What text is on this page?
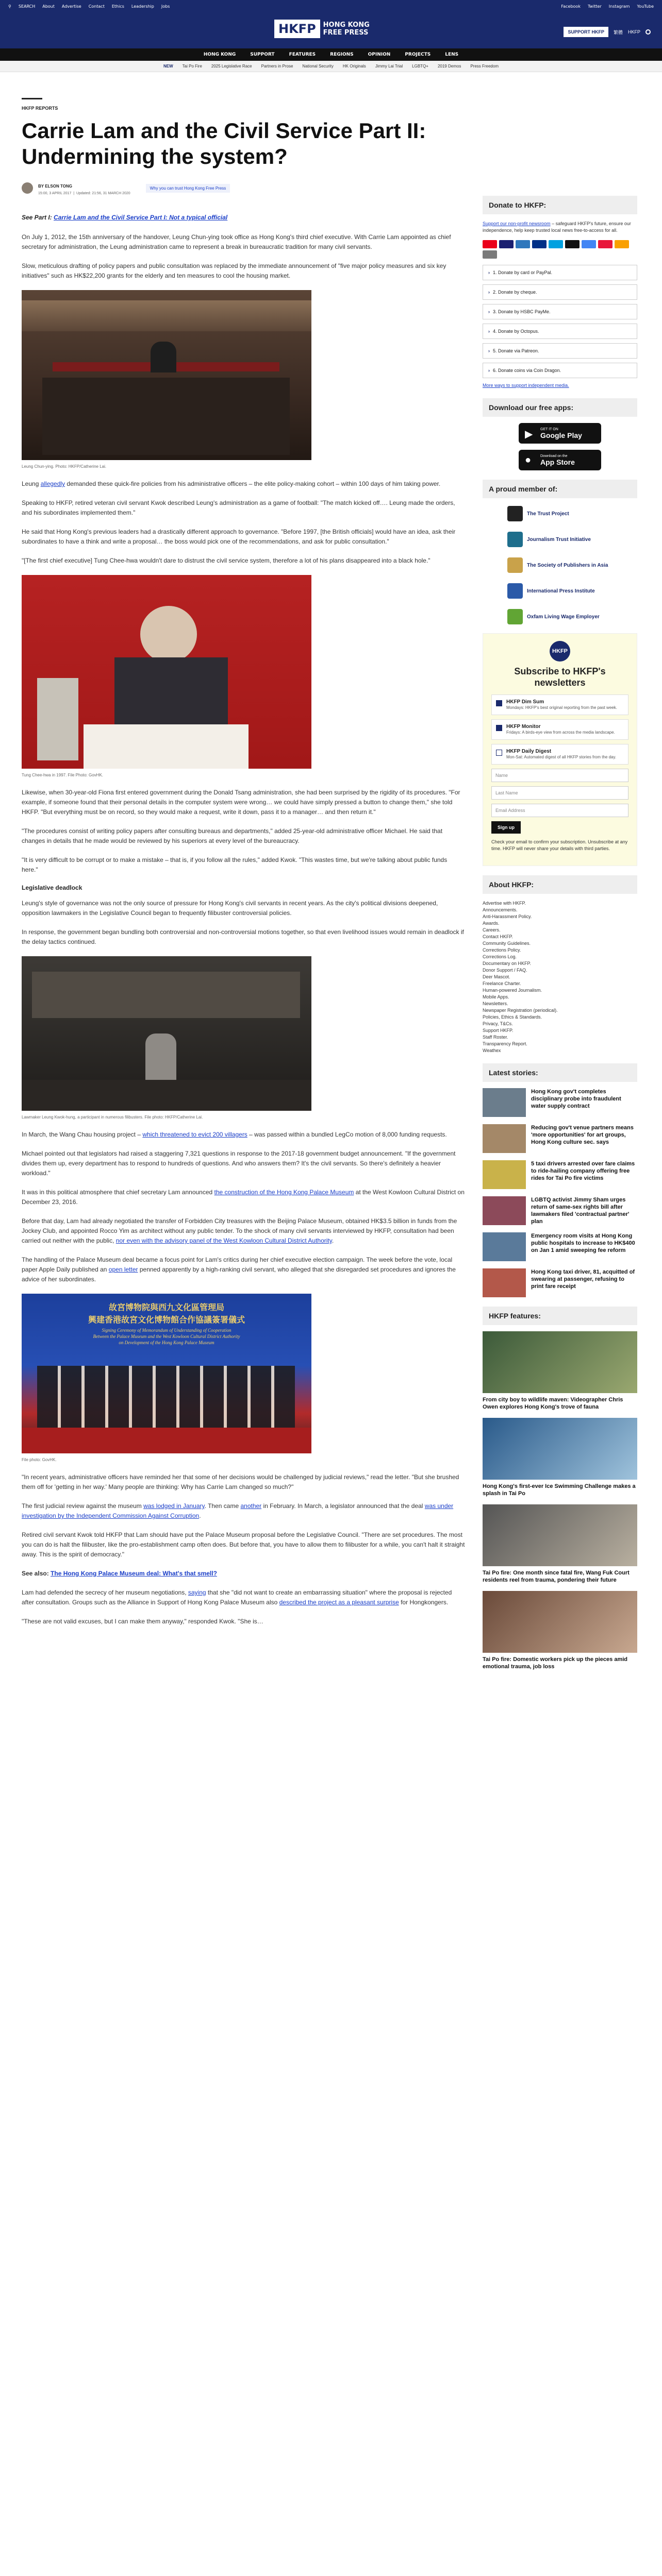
⚲ SEARCH About Advertise Contact Ethics Leadership Jobs	Facebook Twitter Instagram YouTube
HKFP	HONG KONG
FREE PRESS	SUPPORT HKFP	繁體 HKFP
HONG KONG	SUPPORT	FEATURES	REGIONS	OPINION	PROJECTS	LENS
NEW Tai Po Fire 2025 Legislative Race Partners in Prose National Security HK Originals Jimmy Lai Trial LGBTQ+ 2019 Demos Press Freedom
HKFP REPORTS
Carrie Lam and the Civil Service Part II: Undermining the system?
BY ELSON TONG
15:00, 3 APRIL 2017  |  Updated: 21:56, 31 MARCH 2020
Why you can trust Hong Kong Free Press
See Part I: Carrie Lam and the Civil Service Part I: Not a typical official

On July 1, 2012, the 15th anniversary of the handover, Leung Chun-ying took office as Hong Kong's third chief executive. With Carrie Lam appointed as chief secretary for administration, the Leung administration came to represent a break in bureaucratic tradition for many civil servants.

Slow, meticulous drafting of policy papers and public consultation was replaced by the immediate announcement of "five major policy measures and six key initiatives" such as HK$22,200 grants for the elderly and ten measures to cool the housing market.

Leung Chun-ying. Photo: HKFP/Catherine Lai.

Leung allegedly demanded these quick-fire policies from his administrative officers – the elite policy-making cohort – within 100 days of him taking power.

Speaking to HKFP, retired veteran civil servant Kwok described Leung's administration as a game of football: "The match kicked off…. Leung made the orders, and his subordinates implemented them."

He said that Hong Kong's previous leaders had a drastically different approach to governance. "Before 1997, [the British officials] would have an idea, ask their subordinates to have a think and write a proposal… the boss would pick one of the recommendations, and ask for public consultation."

"[The first chief executive] Tung Chee-hwa wouldn't dare to distrust the civil service system, therefore a lot of his plans disappeared into a black hole."

Tung Chee-hwa in 1997. File Photo: GovHK.

Likewise, when 30-year-old Fiona first entered government during the Donald Tsang administration, she had been surprised by the rigidity of its procedures. "For example, if someone found that their personal details in the computer system were wrong… we could have simply pressed a button to change them," she told HKFP. "But everything must be on record, so they would make a request, write it down, pass it to a manager… and then return it."

"The procedures consist of writing policy papers after consulting bureaus and departments," added 25-year-old administrative officer Michael. He said that changes in details that he made would be reviewed by his superiors at every level of the bureaucracy.

"It is very difficult to be corrupt or to make a mistake – that is, if you follow all the rules," added Kwok. "This wastes time, but we're talking about public funds here."

Legislative deadlock

Leung's style of governance was not the only source of pressure for Hong Kong's civil servants in recent years. As the city's political divisions deepened, opposition lawmakers in the Legislative Council began to frequently filibuster controversial policies.

In response, the government began bundling both controversial and non-controversial motions together, so that even livelihood issues would remain in deadlock if the delay tactics continued.

Lawmaker Leung Kwok-hung, a participant in numerous filibusters. File photo: HKFP/Catherine Lai.

In March, the Wang Chau housing project – which threatened to evict 200 villagers – was passed within a bundled LegCo motion of 8,000 funding requests.

Michael pointed out that legislators had raised a staggering 7,321 questions in response to the 2017-18 government budget announcement. "If the government divides them up, every department has to respond to hundreds of questions. And who answers them? It's the civil servants. So there's definitely a heavier workload."

It was in this political atmosphere that chief secretary Lam announced the construction of the Hong Kong Palace Museum at the West Kowloon Cultural District on December 23, 2016.

Before that day, Lam had already negotiated the transfer of Forbidden City treasures with the Beijing Palace Museum, obtained HK$3.5 billion in funds from the Jockey Club, and appointed Rocco Yim as architect without any public tender. To the shock of many civil servants interviewed by HKFP, consultation had been carried out neither with the public, nor even with the advisory panel of the West Kowloon Cultural District Authority.

The handling of the Palace Museum deal became a focus point for Lam's critics during her chief executive election campaign. The week before the vote, local paper Apple Daily published an open letter penned apparently by a high-ranking civil servant, who alleged that she disregarded set procedures and ignores the advice of her subordinates.

故宮博物院與西九文化區管理局
興建香港故宮文化博物館合作協議簽署儀式
Signing Ceremony of Memorandum of Understanding of Cooperation
Between the Palace Museum and the West Kowloon Cultural District Authority
on Development of the Hong Kong Palace Museum
File photo: GovHK.

"In recent years, administrative officers have reminded her that some of her decisions would be challenged by judicial reviews," read the letter. "But she brushed them off for 'getting in her way.' Many people are thinking: Why has Carrie Lam changed so much?"

The first judicial review against the museum was lodged in January. Then came another in February. In March, a legislator announced that the deal was under investigation by the Independent Commission Against Corruption.

Retired civil servant Kwok told HKFP that Lam should have put the Palace Museum proposal before the Legislative Council. "There are set procedures. The most you can do is halt the filibuster, like the pro-establishment camp often does. But before that, you have to allow them to filibuster for a while, you can't halt it straight away. This is the spirit of democracy."

See also: The Hong Kong Palace Museum deal: What's that smell?

Lam had defended the secrecy of her museum negotiations, saying that she "did not want to create an embarrassing situation" where the proposal is rejected after consultation. Groups such as the Alliance in Support of Hong Kong Palace Museum also described the project as a pleasant surprise for Hongkongers.

"These are not valid excuses, but I can make them anyway," responded Kwok. "She is…

Donate to HKFP:

Support our non-profit newsroom – safeguard HKFP's future, ensure our independence, help keep trusted local news free-to-access for all.

› 1. Donate by card or PayPal.
› 2. Donate by cheque.
› 3. Donate by HSBC PayMe.
› 4. Donate by Octopus.
› 5. Donate via Patreon.
› 6. Donate coins via Coin Dragon.

More ways to support independent media.

Download our free apps:
▶ GET IT ON
Google Play
●	Download on the
App Store
A proud member of:
The Trust Project
Journalism Trust Initiative
The Society of Publishers in Asia
International Press Institute
Oxfam Living Wage Employer
HKFP
Subscribe to HKFP's newsletters
HKFP Dim Sum
Mondays: HKFP's best original reporting from the past week.
HKFP Monitor
Fridays: A birds-eye view from across the media landscape.
HKFP Daily Digest
Mon-Sat: Automated digest of all HKFP stories from the day.
Name
Last Name
Email Address
Sign up

Check your email to confirm your subscription. Unsubscribe at any time. HKFP will never share your details with third parties.

About HKFP:
Advertise with HKFP.
Announcements.
Anti-Harassment Policy.
Awards.
Careers.
Contact HKFP.
Community Guidelines.
Corrections Policy.
Corrections Log.
Documentary on HKFP.
Donor Support / FAQ.
Deer Mascot.
Freelance Charter.
Human-powered Journalism.
Mobile Apps.
Newsletters.
Newspaper Registration (periodical).
Policies, Ethics & Standards.
Privacy, T&Cs.
Support HKFP.
Staff Roster.
Transparency Report.
Weathex
Latest stories:
Hong Kong gov't completes disciplinary probe into fraudulent water supply contract
Reducing gov't venue partners means 'more opportunities' for art groups, Hong Kong culture sec. says
5 taxi drivers arrested over fare claims to ride-hailing company offering free rides for Tai Po fire victims
LGBTQ activist Jimmy Sham urges return of same-sex rights bill after lawmakers filed 'contractual partner' plan
Emergency room visits at Hong Kong public hospitals to increase to HK$400 on Jan 1 amid sweeping fee reform
Hong Kong taxi driver, 81, acquitted of swearing at passenger, refusing to print fare receipt
HKFP features:
From city boy to wildlife maven: Videographer Chris Owen explores Hong Kong's trove of fauna
Hong Kong's first-ever Ice Swimming Challenge makes a splash in Tai Po
Tai Po fire: One month since fatal fire, Wang Fuk Court residents reel from trauma, pondering their future
Tai Po fire: Domestic workers pick up the pieces amid emotional trauma, job loss
